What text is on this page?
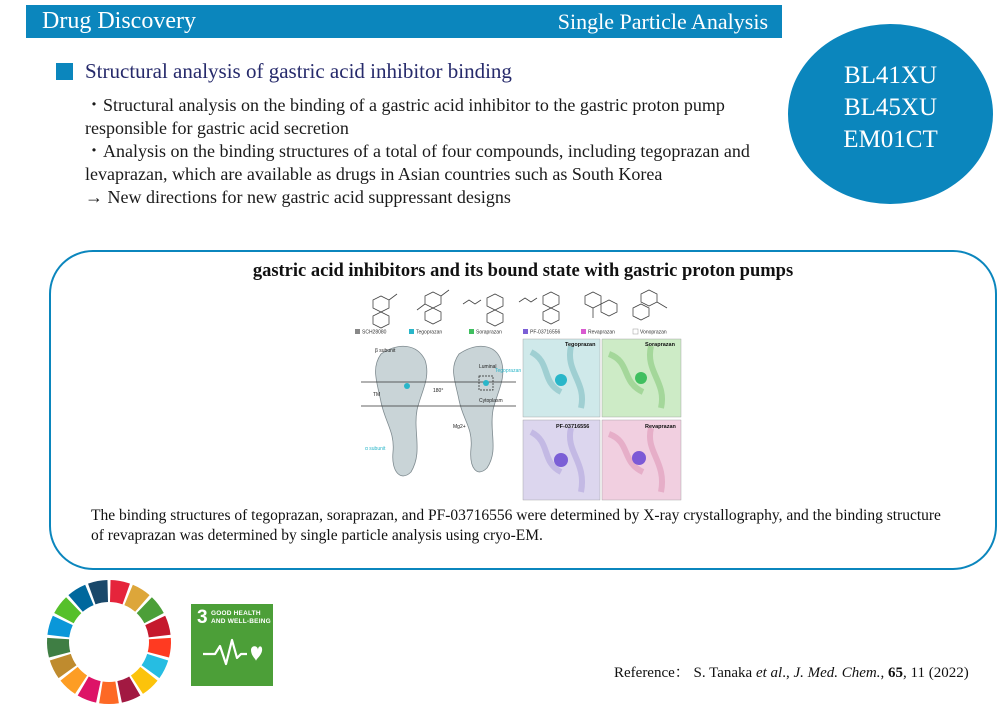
Drug Discovery	Single Particle Analysis
BL41XU
BL45XU
EM01CT
Structural analysis of gastric acid inhibitor binding
・Structural analysis on the binding of a gastric acid inhibitor to the gastric proton pump responsible for gastric acid secretion
・Analysis on the binding structures of a total of four compounds, including tegoprazan and levaprazan, which are available as drugs in Asian countries such as South Korea
→ New directions for new gastric acid suppressant designs
gastric acid inhibitors and its bound state with gastric proton pumps
SCH28080	Tegoprazan	Soraprazan	PF-03716556	Revaprazan	Vonoprazan
β subunit
α subunit
TM
180°
Cytoplasm
Luminal
Tegoprazan
Mg2+
Tegoprazan	Soraprazan
PF-03716556	Revaprazan
The binding structures of tegoprazan, soraprazan, and PF-03716556 were determined by X-ray crystallography, and the binding structure of revaprazan was determined by single particle analysis using cryo-EM.
3 GOOD HEALTH
AND WELL-BEING
Reference： S. Tanaka et al., J. Med. Chem., 65, 11 (2022)
